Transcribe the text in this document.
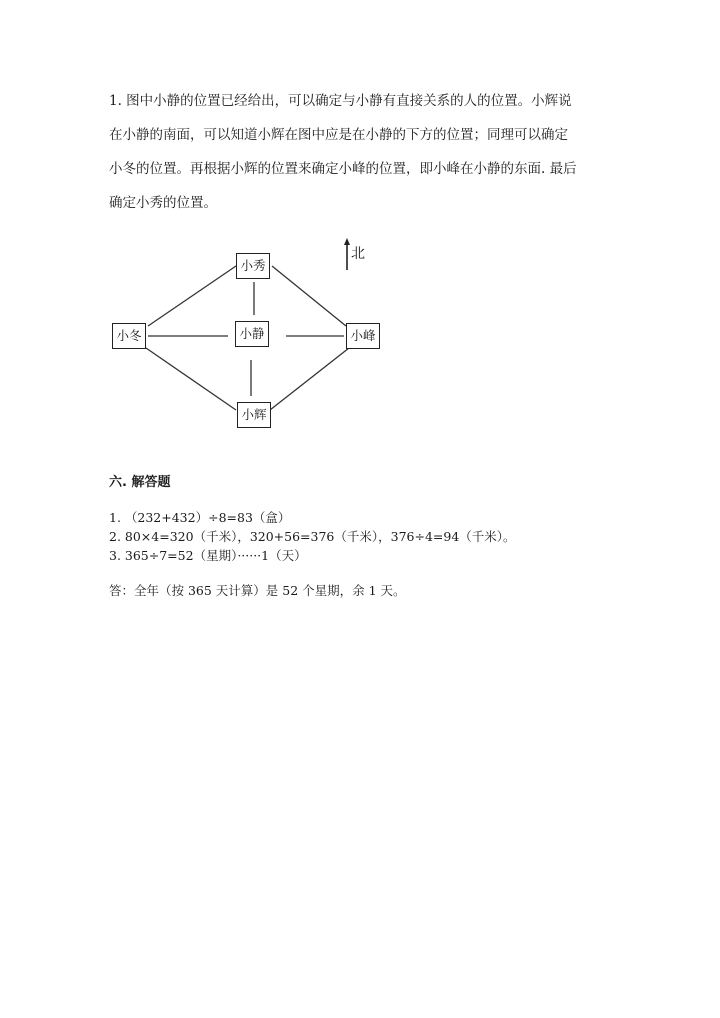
1. 图中小静的位置已经给出，可以确定与小静有直接关系的人的位置。小辉说
在小静的南面，可以知道小辉在图中应是在小静的下方的位置；同理可以确定
小冬的位置。再根据小辉的位置来确定小峰的位置，即小峰在小静的东面. 最后
确定小秀的位置。
小秀
小冬	小静	小峰
小辉
北
六. 解答题
1. （232+432）÷8=83（盒）
2. 80×4=320（千米），320+56=376（千米），376÷4=94（千米）。
3. 365÷7=52（星期）······1（天）
答：全年（按 365 天计算）是 52 个星期，余 1 天。
